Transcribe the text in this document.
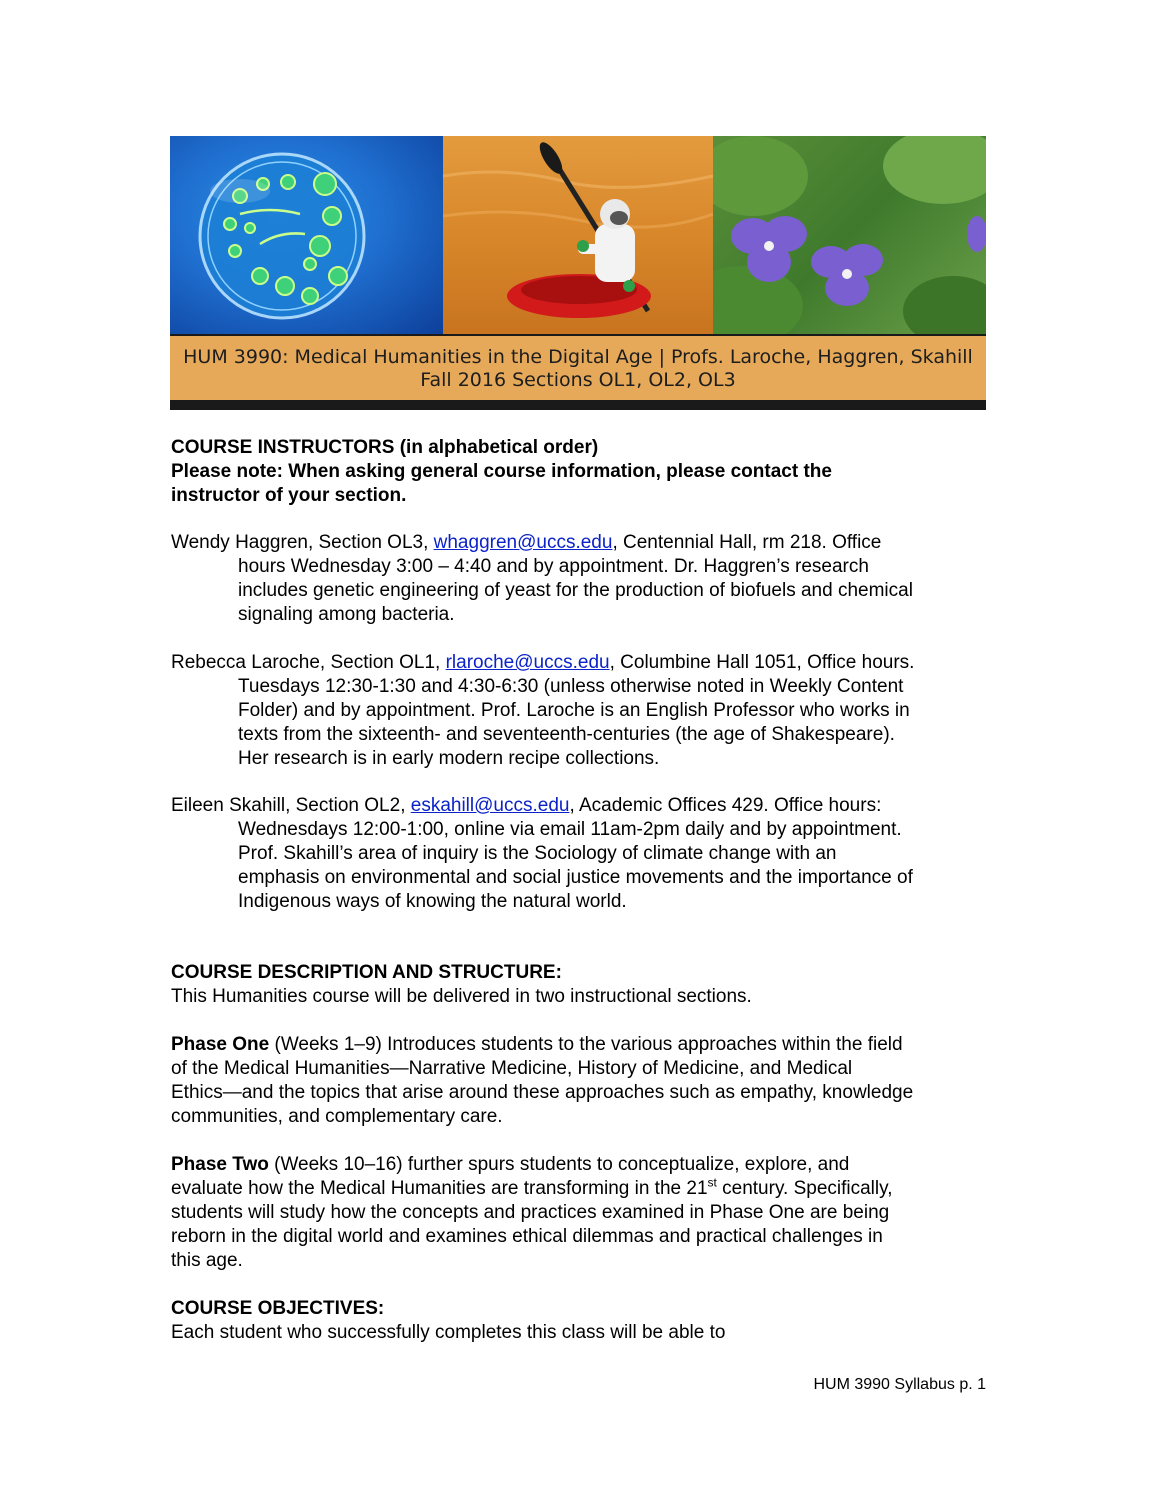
HUM 3990: Medical Humanities in the Digital Age | Profs. Laroche, Haggren, Skahill
Fall 2016 Sections OL1, OL2, OL3
COURSE INSTRUCTORS (in alphabetical order)
Please note: When asking general course information, please contact the
instructor of your section.
Wendy Haggren, Section OL3, whaggren@uccs.edu, Centennial Hall, rm 218. Office
hours Wednesday 3:00 – 4:40 and by appointment. Dr. Haggren’s research
includes genetic engineering of yeast for the production of biofuels and chemical
signaling among bacteria.
Rebecca Laroche, Section OL1, rlaroche@uccs.edu, Columbine Hall 1051, Office hours.
Tuesdays 12:30-1:30 and 4:30-6:30 (unless otherwise noted in Weekly Content
Folder) and by appointment. Prof. Laroche is an English Professor who works in
texts from the sixteenth- and seventeenth-centuries (the age of Shakespeare).
Her research is in early modern recipe collections.
Eileen Skahill, Section OL2, eskahill@uccs.edu, Academic Offices 429. Office hours:
Wednesdays 12:00-1:00, online via email 11am-2pm daily and by appointment.
Prof. Skahill’s area of inquiry is the Sociology of climate change with an
emphasis on environmental and social justice movements and the importance of
Indigenous ways of knowing the natural world.
COURSE DESCRIPTION AND STRUCTURE:
This Humanities course will be delivered in two instructional sections.
Phase One (Weeks 1–9) Introduces students to the various approaches within the field
of the Medical Humanities—Narrative Medicine, History of Medicine, and Medical
Ethics—and the topics that arise around these approaches such as empathy, knowledge
communities, and complementary care.
Phase Two (Weeks 10–16) further spurs students to conceptualize, explore, and
evaluate how the Medical Humanities are transforming in the 21st century. Specifically,
students will study how the concepts and practices examined in Phase One are being
reborn in the digital world and examines ethical dilemmas and practical challenges in
this age.
COURSE OBJECTIVES:
Each student who successfully completes this class will be able to
HUM 3990 Syllabus p. 1
